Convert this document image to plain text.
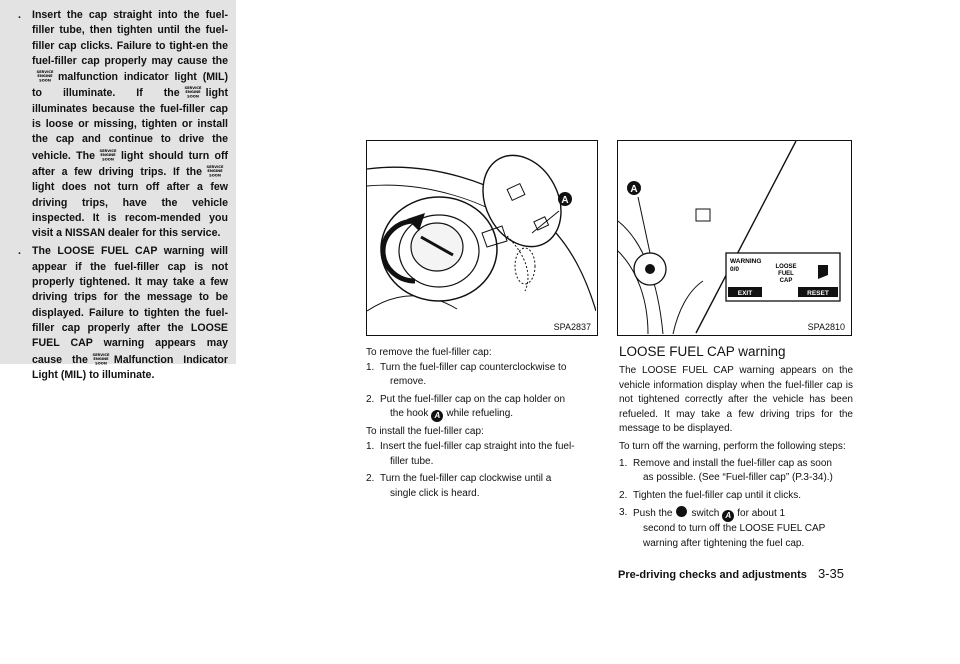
. Insert the cap straight into the fuel-filler tube, then tighten until the fuel-filler cap clicks. Failure to tight-en the fuel-filler cap properly may cause the
SERVICE
ENGINE
SOON malfunction indicator light (MIL) to illuminate. If the SERVICE
ENGINE
SOON light illuminates because the fuel-filler cap is loose or missing, tighten or install the cap and continue to drive the vehicle. The SERVICE
ENGINE
SOON light should turn off after a few driving trips. If the SERVICE
ENGINE
SOON
light does not turn off after a few driving trips, have the vehicle inspected. It is recom-mended you visit a NISSAN dealer for this service.
. The LOOSE FUEL CAP warning will appear if the fuel-filler cap is not properly tightened. It may take a few driving trips for the message to be displayed. Failure to tighten the fuel-filler cap properly after the LOOSE FUEL CAP warning appears may cause the SERVICE
ENGINE
SOON Malfunction Indicator Light (MIL) to illuminate.
A
SPA2837

To remove the fuel-filler cap:

1. Turn the fuel-filler cap counterclockwise to
remove.
2. Put the fuel-filler cap on the cap holder on
the hook A while refueling.

To install the fuel-filler cap:

1. Insert the fuel-filler cap straight into the fuel-
filler tube.
2. Turn the fuel-filler cap clockwise until a
single click is heard.
A
WARNING
0/0	LOOSE
FUEL
CAP
EXIT	RESET
SPA2810
LOOSE FUEL CAP warning

The LOOSE FUEL CAP warning appears on the vehicle information display when the fuel-filler cap is not tightened correctly after the vehicle has been refueled. It may take a few driving trips for the message to be displayed.

To turn off the warning, perform the following steps:

1. Remove and install the fuel-filler cap as soon
as possible. (See “Fuel-filler cap” (P.3-34).)
2. Tighten the fuel-filler cap until it clicks.
3. Push the switch A for about 1
second to turn off the LOOSE FUEL CAP
warning after tightening the fuel cap.
Pre-driving checks and adjustments 3-35
